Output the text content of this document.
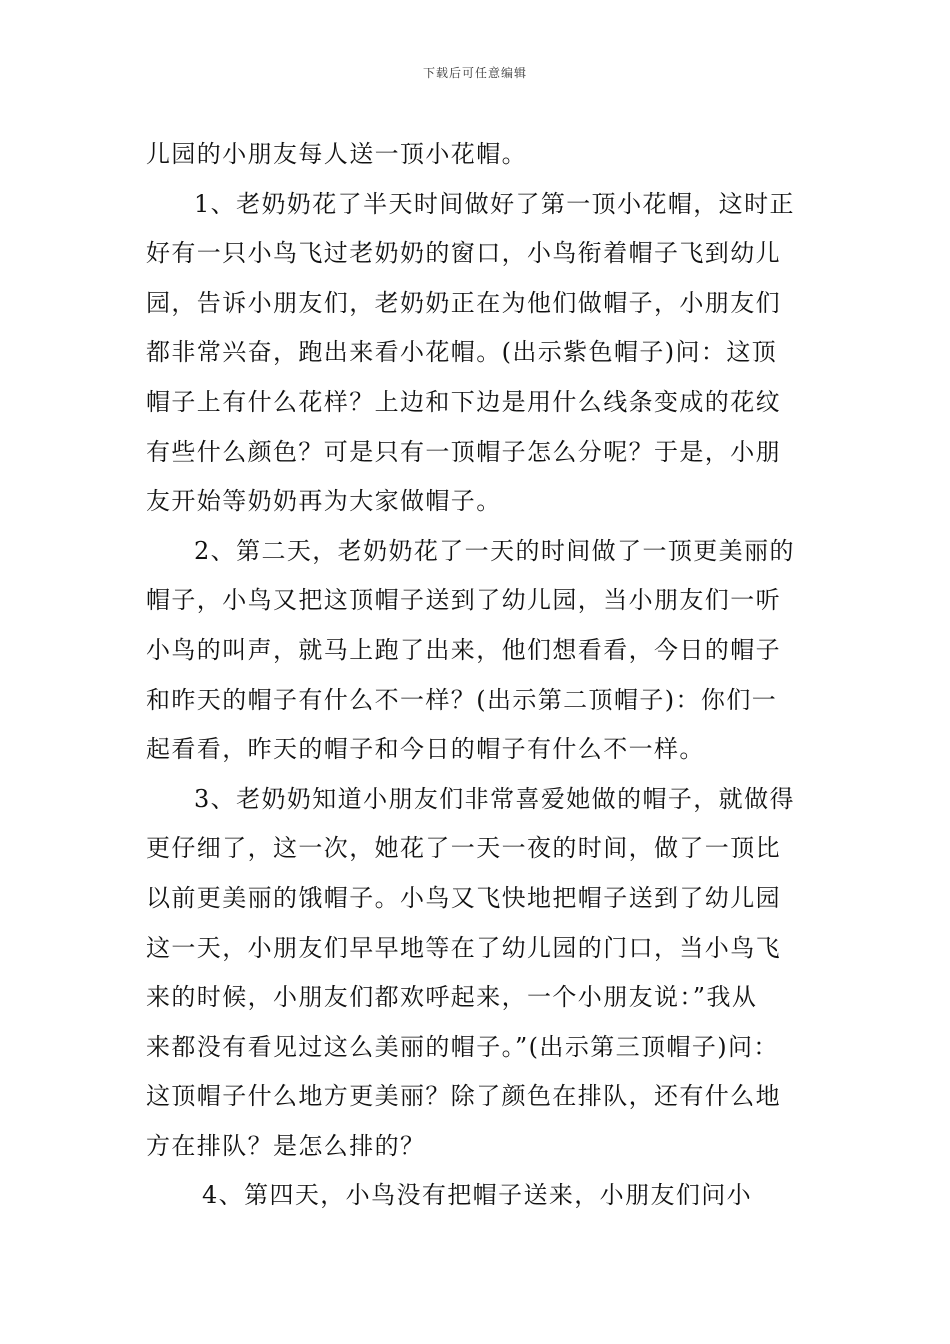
下载后可任意编辑
儿园的小朋友每人送一顶小花帽。
1、老奶奶花了半天时间做好了第一顶小花帽，这时正
好有一只小鸟飞过老奶奶的窗口，小鸟衔着帽子飞到幼儿
园，告诉小朋友们，老奶奶正在为他们做帽子，小朋友们
都非常兴奋，跑出来看小花帽。(出示紫色帽子)问：这顶
帽子上有什么花样？上边和下边是用什么线条变成的花纹
有些什么颜色？可是只有一顶帽子怎么分呢？于是，小朋
友开始等奶奶再为大家做帽子。
2、第二天，老奶奶花了一天的时间做了一顶更美丽的
帽子，小鸟又把这顶帽子送到了幼儿园，当小朋友们一听
小鸟的叫声，就马上跑了出来，他们想看看，今日的帽子
和昨天的帽子有什么不一样？(出示第二顶帽子)：你们一
起看看，昨天的帽子和今日的帽子有什么不一样。
3、老奶奶知道小朋友们非常喜爱她做的帽子，就做得
更仔细了，这一次，她花了一天一夜的时间，做了一顶比
以前更美丽的饿帽子。小鸟又飞快地把帽子送到了幼儿园
这一天，小朋友们早早地等在了幼儿园的门口，当小鸟飞
来的时候，小朋友们都欢呼起来，一个小朋友说：”我从
来都没有看见过这么美丽的帽子。”(出示第三顶帽子)问：
这顶帽子什么地方更美丽？除了颜色在排队，还有什么地
方在排队？是怎么排的？
4、第四天，小鸟没有把帽子送来，小朋友们问小
